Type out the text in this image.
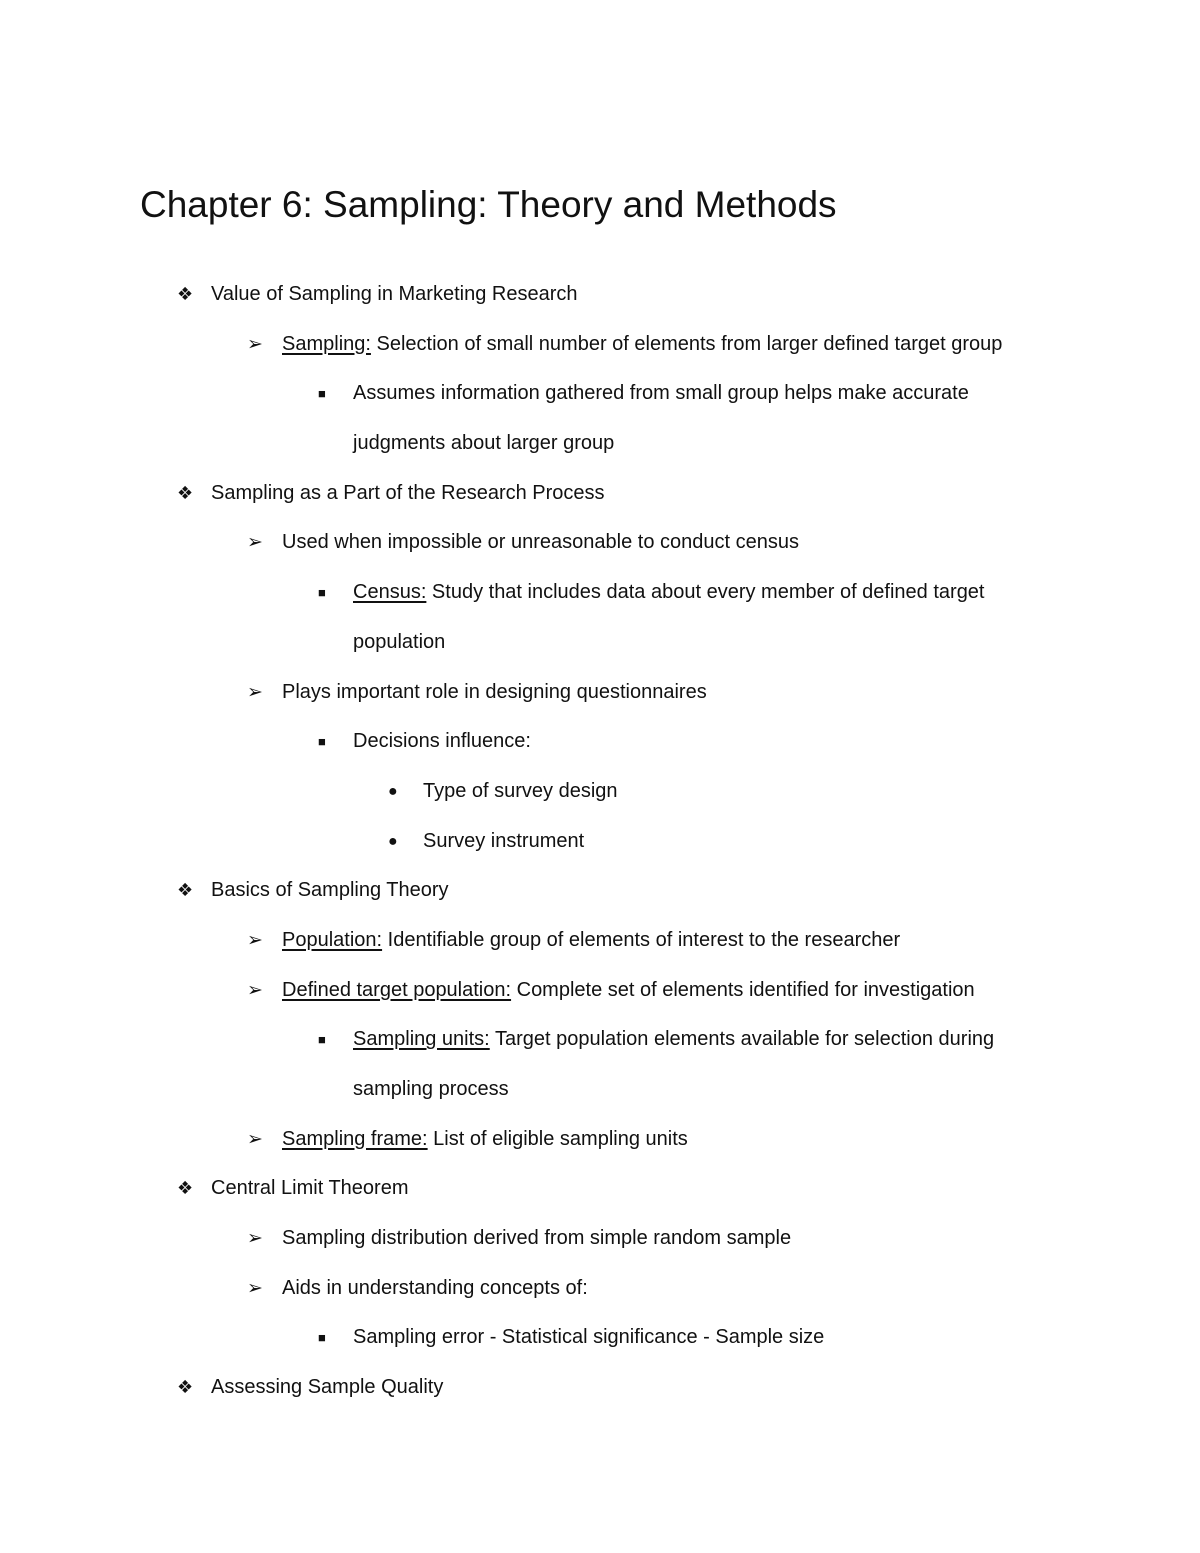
Chapter 6: Sampling: Theory and Methods
❖ Value of Sampling in Marketing Research
➢ Sampling: Selection of small number of elements from larger defined target group
■ Assumes information gathered from small group helps make accurate
judgments about larger group
❖ Sampling as a Part of the Research Process
➢ Used when impossible or unreasonable to conduct census
■ Census: Study that includes data about every member of defined target
population
➢ Plays important role in designing questionnaires
■ Decisions influence:
● Type of survey design
● Survey instrument
❖ Basics of Sampling Theory
➢ Population: Identifiable group of elements of interest to the researcher
➢ Defined target population: Complete set of elements identified for investigation
■ Sampling units: Target population elements available for selection during
sampling process
➢ Sampling frame: List of eligible sampling units
❖ Central Limit Theorem
➢ Sampling distribution derived from simple random sample
➢ Aids in understanding concepts of:
■ Sampling error - Statistical significance - Sample size
❖ Assessing Sample Quality
